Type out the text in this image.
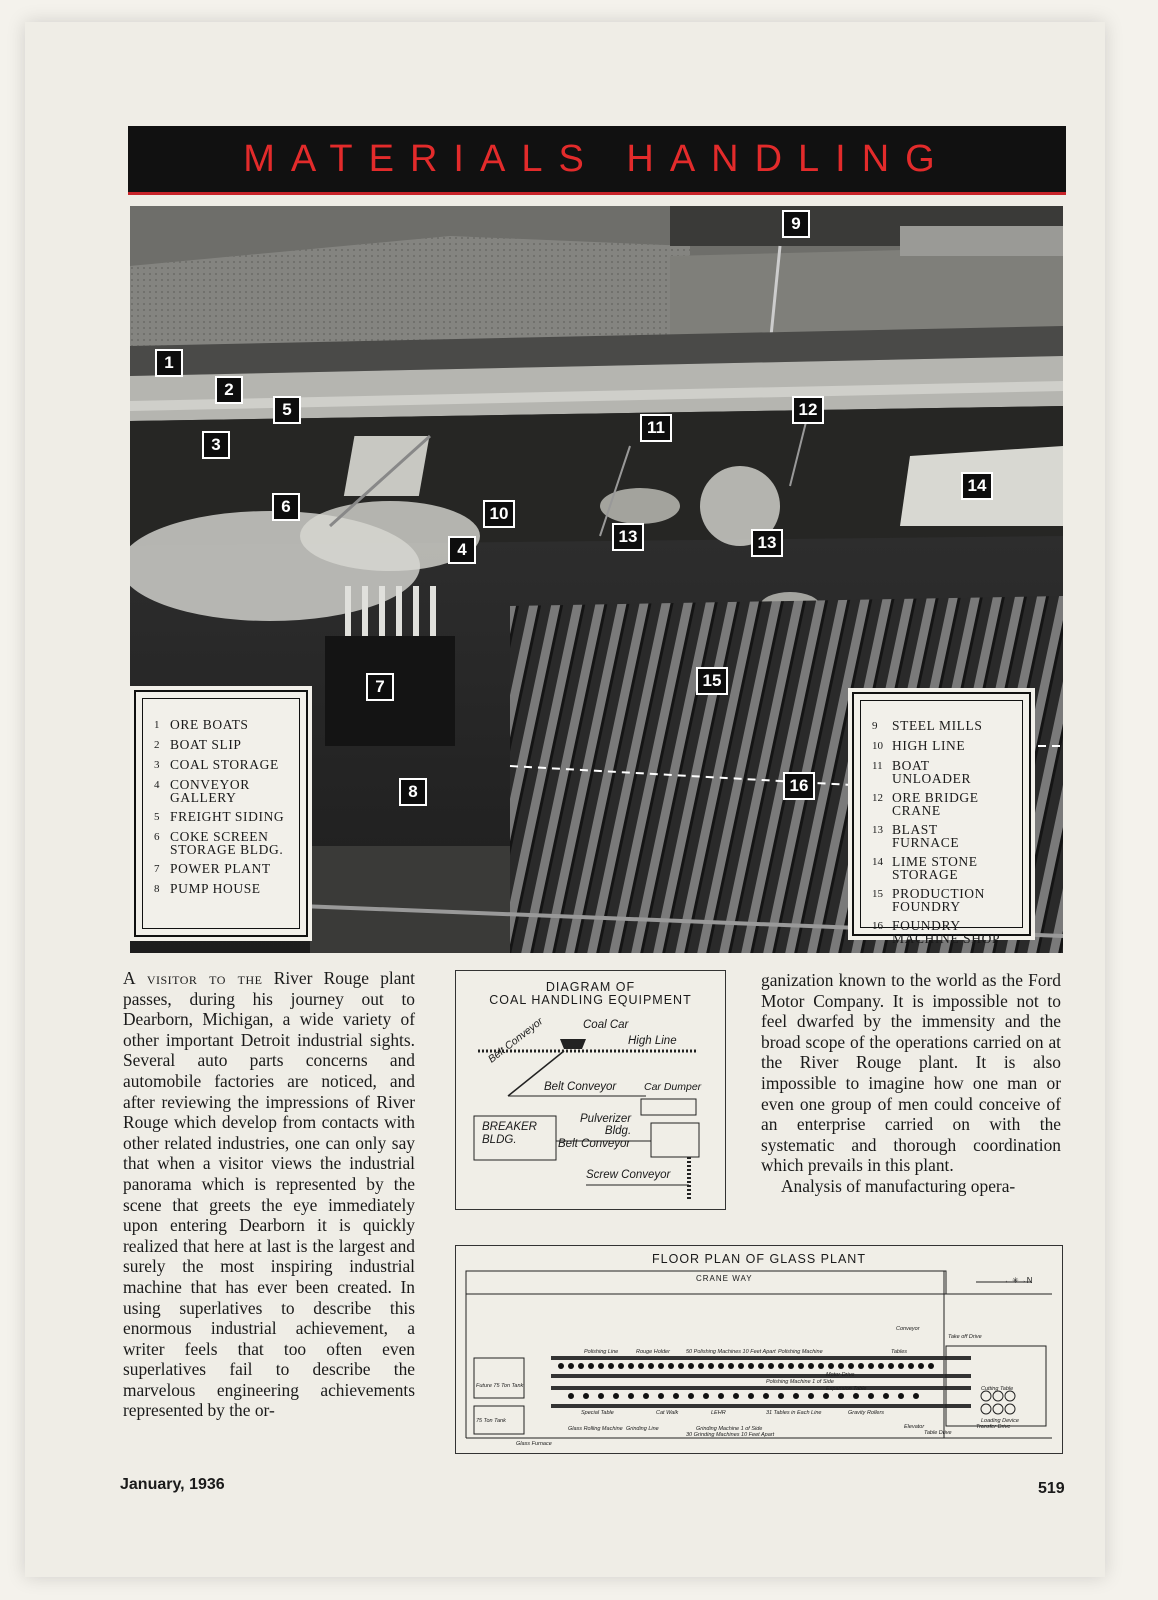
MATERIALS HANDLING
1
2
3
4
5
6
7
8
9
10
11
12
13	13
14
15
16
1 ORE BOATS
2 BOAT SLIP
3 COAL STORAGE
4 CONVEYOR
GALLERY
5 FREIGHT SIDING
6 COKE SCREEN
STORAGE BLDG.
7 POWER PLANT
8 PUMP HOUSE
9	STEEL MILLS
10 HIGH LINE
11 BOAT
UNLOADER
12 ORE BRIDGE
CRANE
13 BLAST
FURNACE
14 LIME STONE
STORAGE
15 PRODUCTION
FOUNDRY
16 FOUNDRY
MACHINE SHOP

A visitor to the River Rouge plant passes, during his journey out to Dearborn, Michigan, a wide variety of other important Detroit industrial sights. Several auto parts concerns and automobile factories are noticed, and after reviewing the impressions of River Rouge which develop from contacts with other related industries, one can only say that when a visitor views the industrial panorama which is represented by the scene that greets the eye immediately upon entering Dearborn it is quickly realized that here at last is the largest and surely the most inspiring industrial machine that has ever been created. In using superlatives to describe this enormous industrial achievement, a writer feels that too often even superlatives fail to describe the marvelous engineering achievements represented by the or-

DIAGRAM OF
COAL HANDLING EQUIPMENT
Coal Car
High Line
Belt Conveyor
Belt Conveyor	Car Dumper
BREAKER
BLDG.
Pulverizer
Bldg.
Belt Conveyor
Screw Conveyor

ganization known to the world as the Ford Motor Company. It is impossible not to feel dwarfed by the immensity and the broad scope of the operations carried on at the River Rouge plant. It is also impossible to imagine how one man or even one group of men could conceive of an enterprise carried on with the systematic and thorough coordination which prevails in this plant.

Analysis of manufacturing opera-

FLOOR PLAN OF GLASS PLANT
CRANE WAY
Polishing Line	Rouge Holder	50 Polishing Machines 10 Feet Apart Polishing Machine
Polishing Machine 1 of Side
Tables
Take off Drive
Conveyor
Future 75 Ton Tank
75 Ton Tank
Glass Furnace
Glass Rolling Machine Grinding Line
Special Table	Cat Walk	LEHR	31 Tables in Each Line	Gravity Rollers
Elevator
Table Drive
Transfer Drive
30 Grinding Machines 10 Feet Apart
Grinding Machine 1 of Side
Motor Drive
Expansion Table
Loading Device
Cutting Table
←✳→N
January, 1936	519
